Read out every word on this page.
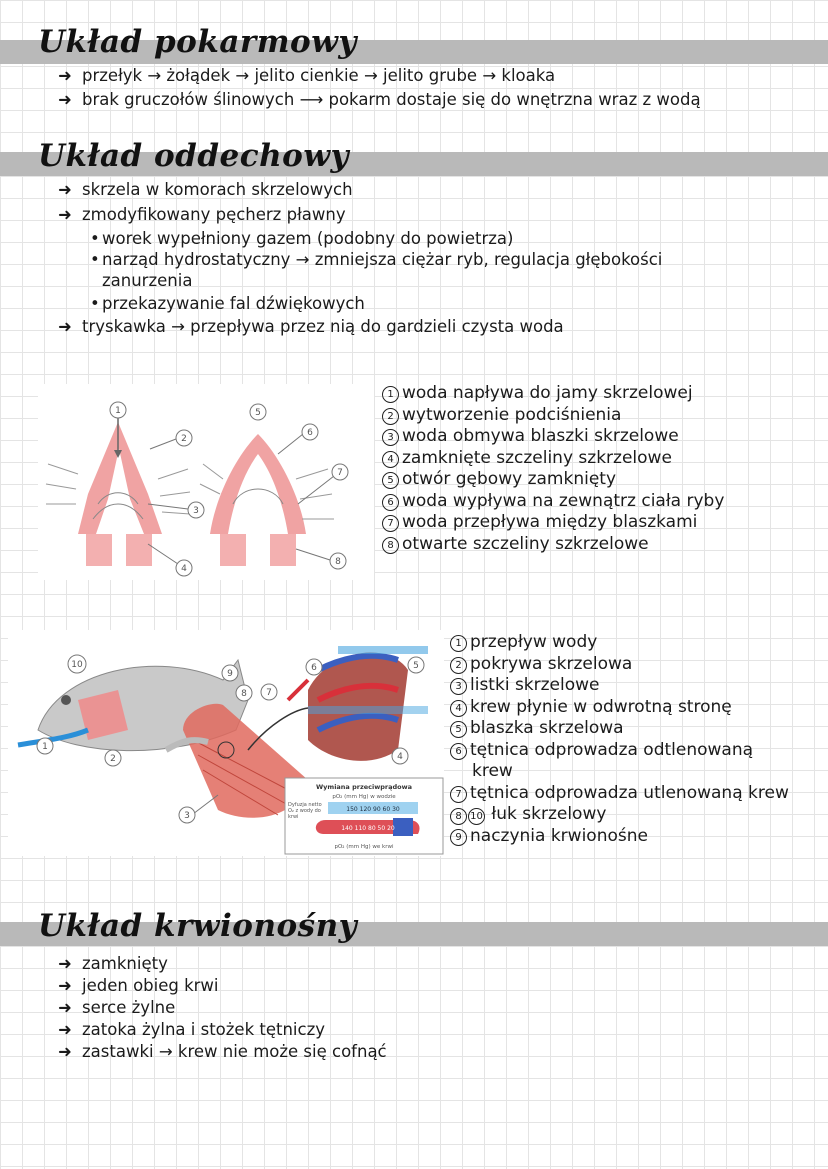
Układ pokarmowy
➜ przełyk → żołądek → jelito cienkie → jelito grube → kloaka
➜ brak gruczołów ślinowych ⟶ pokarm dostaje się do wnętrzna wraz z wodą
Układ oddechowy
➜ skrzela w komorach skrzelowych
➜ zmodyfikowany pęcherz pławny
• worek wypełniony gazem (podobny do powietrza)
• narząd hydrostatyczny → zmniejsza ciężar ryb, regulacja głębokości
zanurzenia
• przekazywanie fal dźwiękowych
➜ tryskawka → przepływa przez nią do gardzieli czysta woda
1
2
3
4
5
6
7
8
1 woda napływa do jamy skrzelowej
2 wytworzenie podciśnienia
3 woda obmywa blaszki skrzelowe
4 zamknięte szczeliny szkrzelowe
5 otwór gębowy zamknięty
6 woda wypływa na zewnątrz ciała ryby
7 woda przepływa między blaszkami
8 otwarte szczeliny szkrzelowe
Wymiana przeciwprądowa
pO₂ (mm Hg) w wodzie
150 120 90 60 30
140 110 80 50 20
pO₂ (mm Hg) we krwi
Dyfuzja netto O₂ z wody do krwi
1
2
3
4
5
6
7
8
9
10
1 przepływ wody
2 pokrywa skrzelowa
3 listki skrzelowe
4 krew płynie w odwrotną stronę
5 blaszka skrzelowa
6 tętnica odprowadza odtlenowaną
krew
7 tętnica odprowadza utlenowaną krew
8 10 łuk skrzelowy
9 naczynia krwionośne
Układ krwionośny
➜ zamknięty
➜ jeden obieg krwi
➜ serce żylne
➜ zatoka żylna i stożek tętniczy
➜ zastawki → krew nie może się cofnąć
